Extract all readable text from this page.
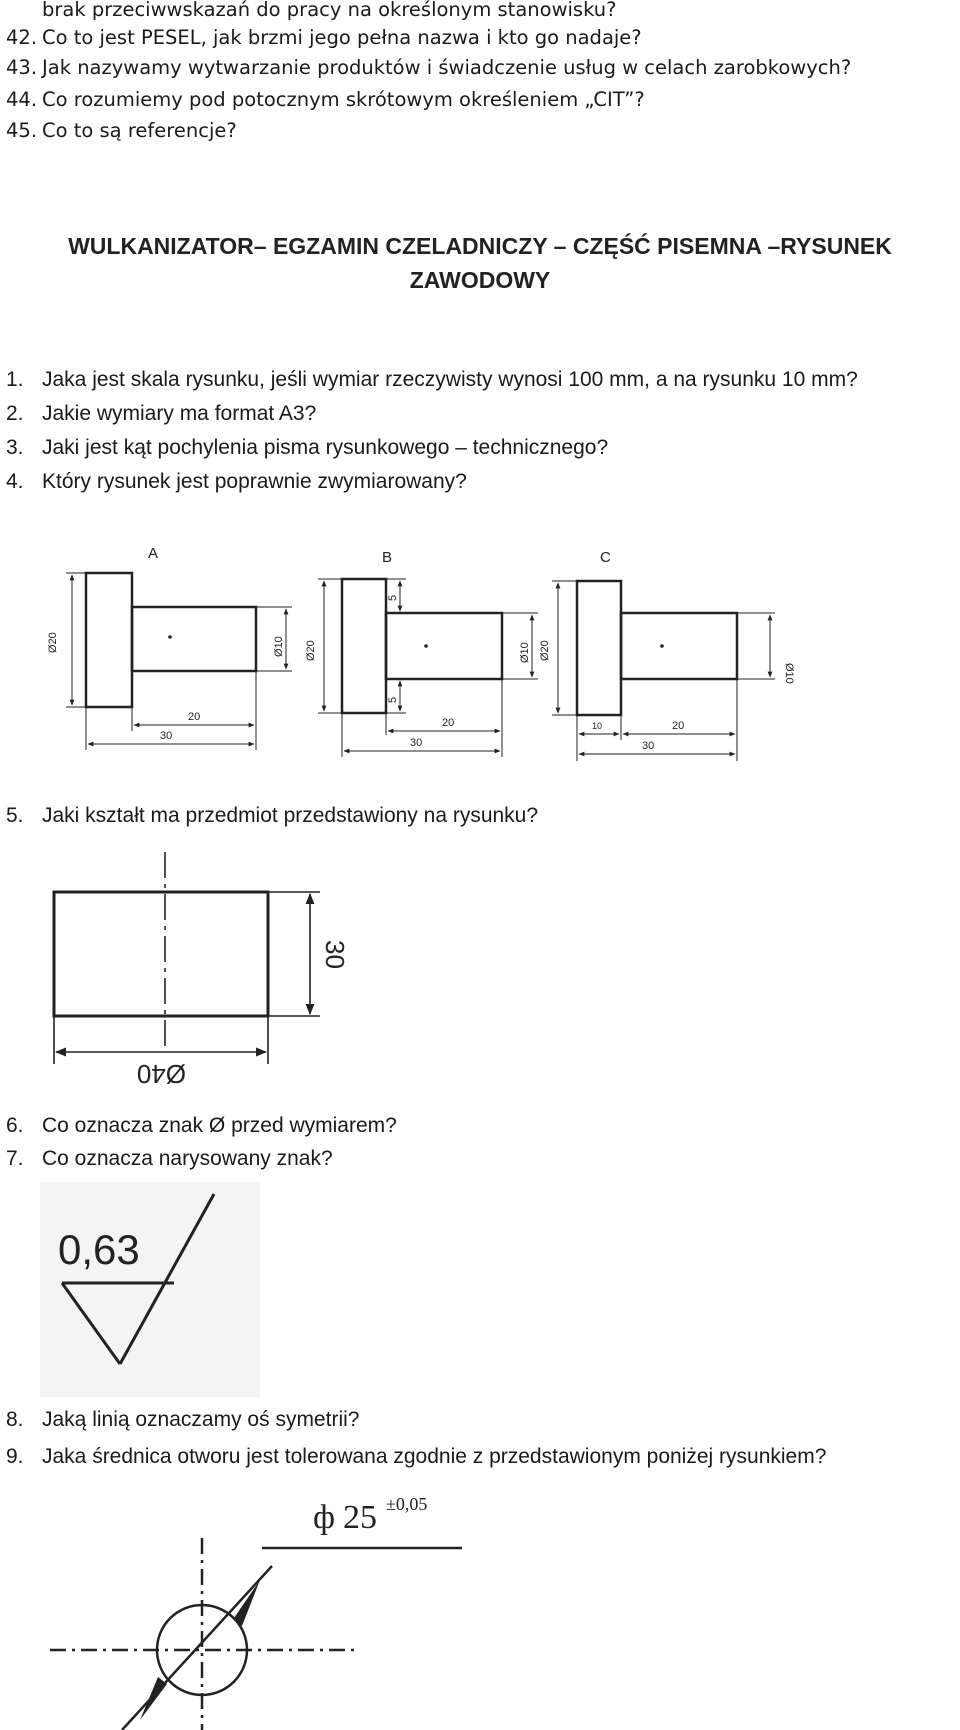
brak przeciwwskazań do pracy na określonym stanowisku?
42. Co to jest PESEL, jak brzmi jego pełna nazwa i kto go nadaje?
43. Jak nazywamy wytwarzanie produktów i świadczenie usług w celach zarobkowych?
44. Co rozumiemy pod potocznym skrótowym określeniem „CIT”?
45. Co to są referencje?
WULKANIZATOR– EGZAMIN CZELADNICZY – CZĘŚĆ PISEMNA –RYSUNEK
ZAWODOWY
1. Jaka jest skala rysunku, jeśli wymiar rzeczywisty wynosi 100 mm, a na rysunku 10 mm?
2. Jakie wymiary ma format A3?
3. Jaki jest kąt pochylenia pisma rysunkowego – technicznego?
4. Który rysunek jest poprawnie zwymiarowany?
A	B	C
Ø20	Ø10
20
30
Ø20	Ø10
5
5
20
30
Ø20
Ø10
10	20
30
5. Jaki kształt ma przedmiot przedstawiony na rysunku?
30
Ø40
6. Co oznacza znak Ø przed wymiarem?
7. Co oznacza narysowany znak?
0,63
8. Jaką linią oznaczamy oś symetrii?
9. Jaka średnica otworu jest tolerowana zgodnie z przedstawionym poniżej rysunkiem?
ф 25 ±0,05
